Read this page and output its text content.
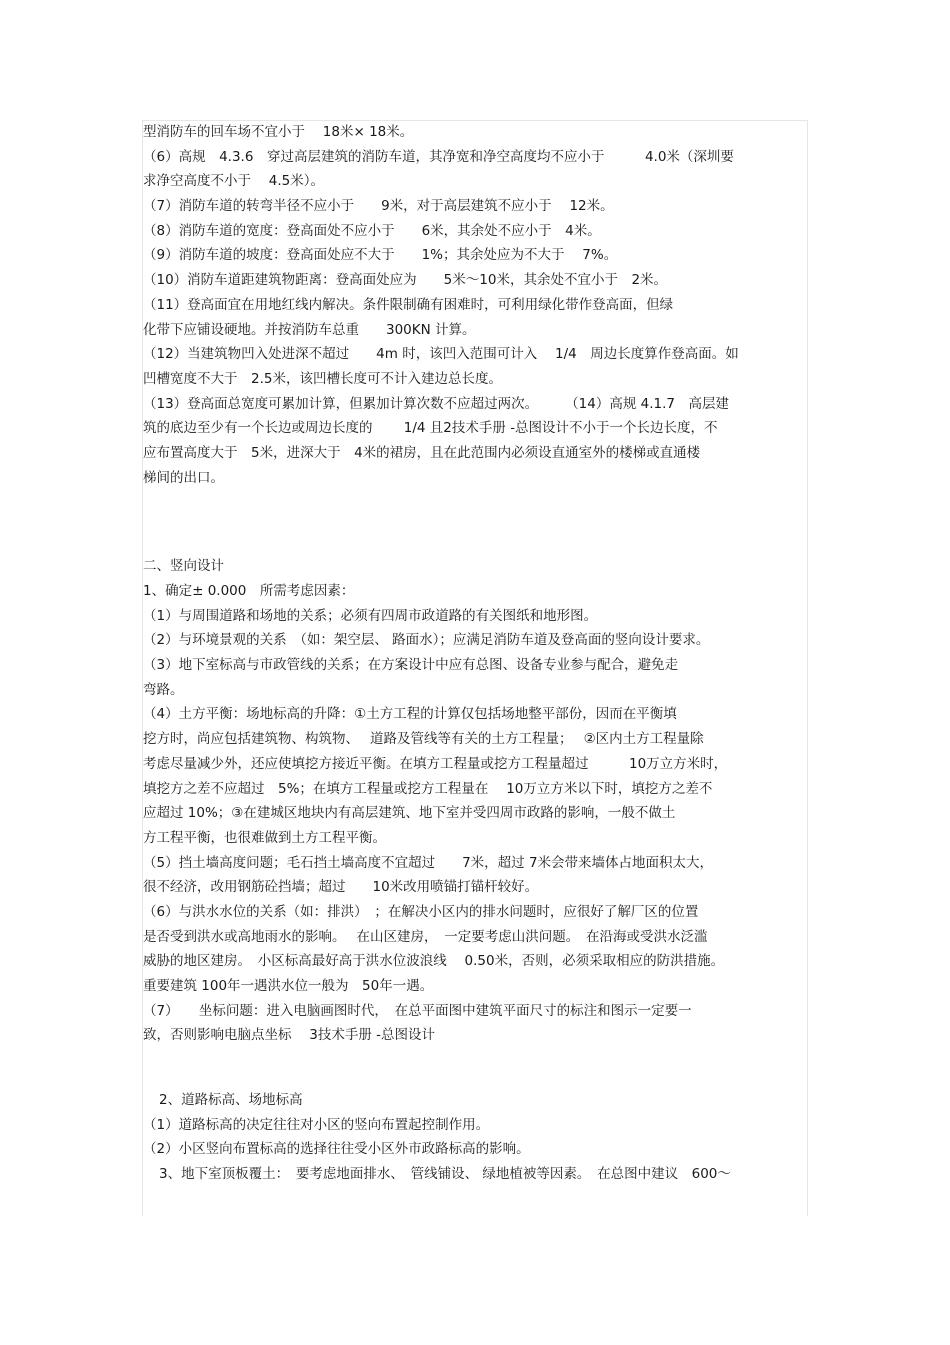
型消防车的回车场不宜小于　 18米× 18米。
（6）高规　4.3.6　穿过高层建筑的消防车道，其净宽和净空高度均不应小于　　　4.0米（深圳要
求净空高度不小于　 4.5米）。
（7）消防车道的转弯半径不应小于　　9米，对于高层建筑不应小于　 12米。
（8）消防车道的宽度：登高面处不应小于　　6米，其余处不应小于　4米。
（9）消防车道的坡度：登高面处应不大于　　1%；其余处应为不大于　 7%。
（10）消防车道距建筑物距离：登高面处应为　　5米～10米，其余处不宜小于　2米。
（11）登高面宜在用地红线内解决。条件限制确有困难时，可利用绿化带作登高面，但绿
化带下应铺设硬地。并按消防车总重　　300KN 计算。
（12）当建筑物凹入处进深不超过　　4m 时，该凹入范围可计入　 1/4　周边长度算作登高面。如
凹槽宽度不大于　2.5米，该凹槽长度可不计入建边总长度。
（13）登高面总宽度可累加计算，但累加计算次数不应超过两次。　　　（14）高规 4.1.7　高层建
筑的底边至少有一个长边或周边长度的　　 1/4 且2技术手册 -总图设计不小于一个长边长度，不
应布置高度大于　5米，进深大于　4米的裙房，且在此范围内必须设直通室外的楼梯或直通楼
梯间的出口。
二、竖向设计
1、确定± 0.000　所需考虑因素：
（1）与周围道路和场地的关系；必须有四周市政道路的有关图纸和地形图。
（2）与环境景观的关系　（如：架空层、 路面水）；应满足消防车道及登高面的竖向设计要求。
（3）地下室标高与市政管线的关系；在方案设计中应有总图、设备专业参与配合，避免走
弯路。
（4）土方平衡：场地标高的升降：①土方工程的计算仅包括场地整平部份，因而在平衡填
挖方时，尚应包括建筑物、构筑物、　 道路及管线等有关的土方工程量；　 ②区内土方工程量除
考虑尽量减少外，还应使填挖方接近平衡。在填方工程量或挖方工程量超过　　　10万立方米时，
填挖方之差不应超过　5%；在填方工程量或挖方工程量在　 10万立方米以下时，填挖方之差不
应超过 10%；③在建城区地块内有高层建筑、地下室并受四周市政路的影响，一般不做土
方工程平衡，也很难做到土方工程平衡。
（5）挡土墙高度问题；毛石挡土墙高度不宜超过　　7米，超过 7米会带来墙体占地面积太大，
很不经济，改用钢筋砼挡墙；超过　　10米改用喷锚打锚杆较好。
（6）与洪水水位的关系（如：排洪）　；在解决小区内的排水问题时，应很好了解厂区的位置
是否受到洪水或高地雨水的影响。　 在山区建房，　一定要考虑山洪问题。　在沿海或受洪水泛滥
威胁的地区建房。　小区标高最好高于洪水位波浪线　 0.50米，否则，必须采取相应的防洪措施。
重要建筑 100年一遇洪水位一般为　50年一遇。
（7）　　坐标问题：进入电脑画图时代，　在总平面图中建筑平面尺寸的标注和图示一定要一
致，否则影响电脑点坐标　 3技术手册 -总图设计
2、道路标高、场地标高
（1）道路标高的决定往往对小区的竖向布置起控制作用。
（2）小区竖向布置标高的选择往往受小区外市政路标高的影响。
3、地下室顶板覆土：　要考虑地面排水、　管线铺设、 绿地植被等因素。　在总图中建议　600～
